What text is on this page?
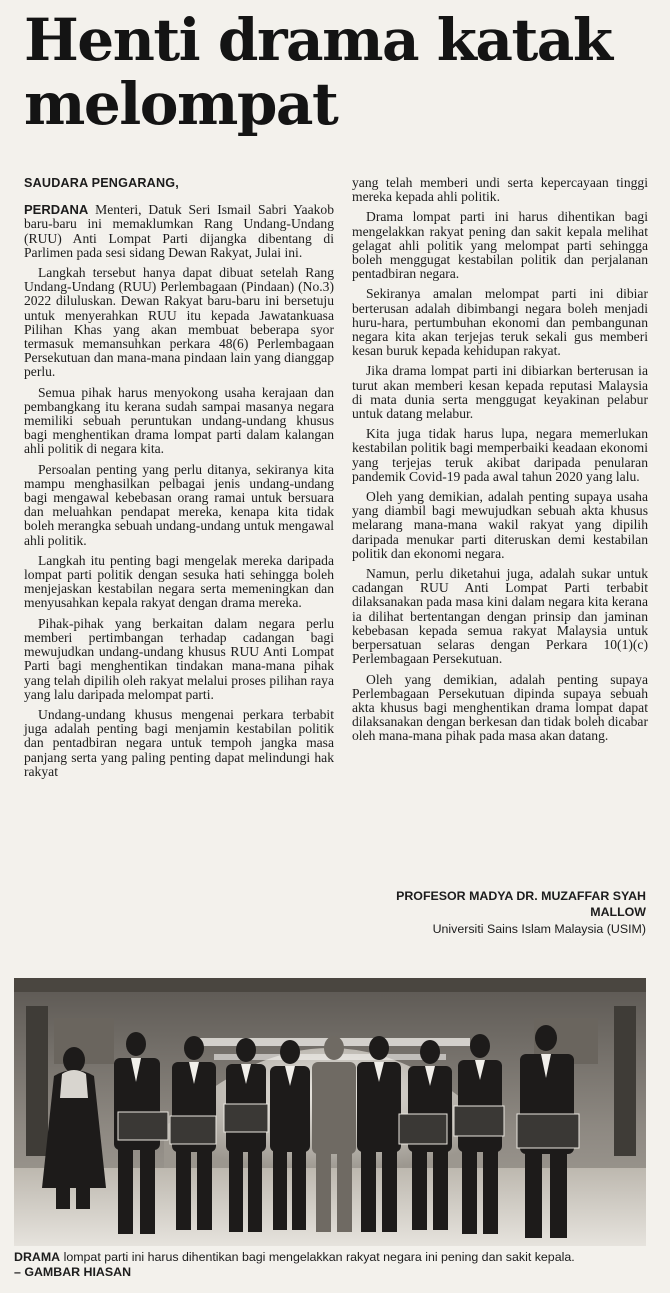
Henti drama katak melompat

SAUDARA PENGARANG,

PERDANA Menteri, Datuk Seri Ismail Sabri Yaakob baru-baru ini memaklumkan Rang Undang-Undang (RUU) Anti Lompat Parti dijangka dibentang di Parlimen pada sesi sidang Dewan Rakyat, Julai ini.

Langkah tersebut hanya dapat dibuat setelah Rang Undang-Undang (RUU) Perlembagaan (Pindaan) (No.3) 2022 diluluskan. Dewan Rakyat baru-baru ini bersetuju untuk menyerahkan RUU itu kepada Jawatankuasa Pilihan Khas yang akan membuat beberapa syor termasuk memansuhkan perkara 48(6) Perlembagaan Persekutuan dan mana-mana pindaan lain yang dianggap perlu.

Semua pihak harus menyokong usaha kerajaan dan pembangkang itu kerana sudah sampai masanya negara memiliki sebuah peruntukan undang-undang khusus bagi menghentikan drama lompat parti dalam kalangan ahli politik di negara kita.

Persoalan penting yang perlu ditanya, sekiranya kita mampu menghasilkan pelbagai jenis undang-undang bagi mengawal kebebasan orang ramai untuk bersuara dan meluahkan pendapat mereka, kenapa kita tidak boleh merangka sebuah undang-undang untuk mengawal ahli politik.

Langkah itu penting bagi mengelak mereka daripada lompat parti politik dengan sesuka hati sehingga boleh menjejaskan kestabilan negara serta memeningkan dan menyusahkan kepala rakyat dengan drama mereka.

Pihak-pihak yang berkaitan dalam negara perlu memberi pertimbangan terhadap cadangan bagi mewujudkan undang-undang khusus RUU Anti Lompat Parti bagi menghentikan tindakan mana-mana pihak yang telah dipilih oleh rakyat melalui proses pilihan raya yang lalu daripada melompat parti.

Undang-undang khusus mengenai perkara terbabit juga adalah penting bagi menjamin kestabilan politik dan pentadbiran negara untuk tempoh jangka masa panjang serta yang paling penting dapat melindungi hak rakyat

yang telah memberi undi serta kepercayaan tinggi mereka kepada ahli politik.

Drama lompat parti ini harus dihentikan bagi mengelakkan rakyat pening dan sakit kepala melihat gelagat ahli politik yang melompat parti sehingga boleh menggugat kestabilan politik dan perjalanan pentadbiran negara.

Sekiranya amalan melompat parti ini dibiar berterusan adalah dibimbangi negara boleh menjadi huru-hara, pertumbuhan ekonomi dan pembangunan negara kita akan terjejas teruk sekali gus memberi kesan buruk kepada kehidupan rakyat.

Jika drama lompat parti ini dibiarkan berterusan ia turut akan memberi kesan kepada reputasi Malaysia di mata dunia serta menggugat keyakinan pelabur untuk datang melabur.

Kita juga tidak harus lupa, negara memerlukan kestabilan politik bagi memperbaiki keadaan ekonomi yang terjejas teruk akibat daripada penularan pandemik Covid-19 pada awal tahun 2020 yang lalu.

Oleh yang demikian, adalah penting supaya usaha yang diambil bagi mewujudkan sebuah akta khusus melarang mana-mana wakil rakyat yang dipilih daripada menukar parti diteruskan demi kestabilan politik dan ekonomi negara.

Namun, perlu diketahui juga, adalah sukar untuk cadangan RUU Anti Lompat Parti terbabit dilaksanakan pada masa kini dalam negara kita kerana ia dilihat bertentangan dengan prinsip dan jaminan kebebasan kepada semua rakyat Malaysia untuk berpersatuan selaras dengan Perkara 10(1)(c) Perlembagaan Persekutuan.

Oleh yang demikian, adalah penting supaya Perlembagaan Persekutuan dipinda supaya sebuah akta khusus bagi menghentikan drama lompat dapat dilaksanakan dengan berkesan dan tidak boleh dicabar oleh mana-mana pihak pada masa akan datang.

PROFESOR MADYA DR. MUZAFFAR SYAH

MALLOW

Universiti Sains Islam Malaysia (USIM)

DRAMA lompat parti ini harus dihentikan bagi mengelakkan rakyat negara ini pening dan sakit kepala.
– GAMBAR HIASAN
